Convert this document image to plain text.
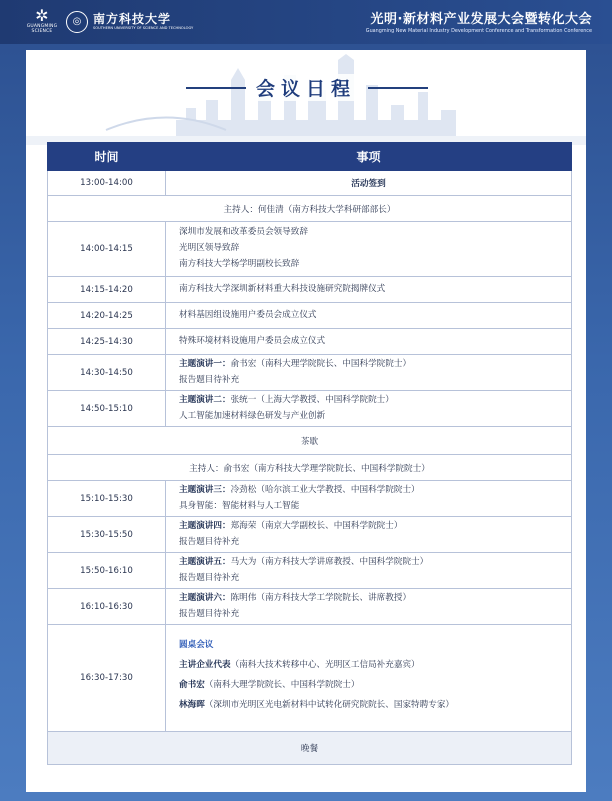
✲
GUANGMING SCIENCE
◎ 南方科技大学
SOUTHERN UNIVERSITY OF SCIENCE AND TECHNOLOGY
光明·新材料产业发展大会暨转化大会
Guangming New Material Industry Development Conference and Transformation Conference
会议日程
时间	事项
13:00-14:00	活动签到

主持人：何佳清（南方科技大学科研部部长）	

14:00-14:15	深圳市发展和改革委员会领导致辞
光明区领导致辞
南方科技大学杨学明副校长致辞

14:15-14:20	南方科技大学深圳新材料重大科技设施研究院揭牌仪式

14:20-14:25	材料基因组设施用户委员会成立仪式

14:25-14:30	特殊环境材料设施用户委员会成立仪式

14:30-14:50	主题演讲一：俞书宏（南科大理学院院长、中国科学院院士）
报告题目待补充

14:50-15:10	主题演讲二：张统一（上海大学教授、中国科学院院士）
人工智能加速材料绿色研发与产业创新

茶歇	

主持人：俞书宏（南方科技大学理学院院长、中国科学院院士）	

15:10-15:30	主题演讲三：冷劲松（哈尔滨工业大学教授、中国科学院院士）
具身智能：智能材料与人工智能

15:30-15:50	主题演讲四：郑海荣（南京大学副校长、中国科学院院士）
报告题目待补充

15:50-16:10	主题演讲五：马大为（南方科技大学讲席教授、中国科学院院士）
报告题目待补充

16:10-16:30	主题演讲六：陈明伟（南方科技大学工学院院长、讲席教授）
报告题目待补充

16:30-17:30	圆桌会议
主讲企业代表（南科大技术转移中心、光明区工信局补充嘉宾）
俞书宏（南科大理学院院长、中国科学院院士）
林海晖（深圳市光明区光电新材料中试转化研究院院长、国家特聘专家）

晚餐	
